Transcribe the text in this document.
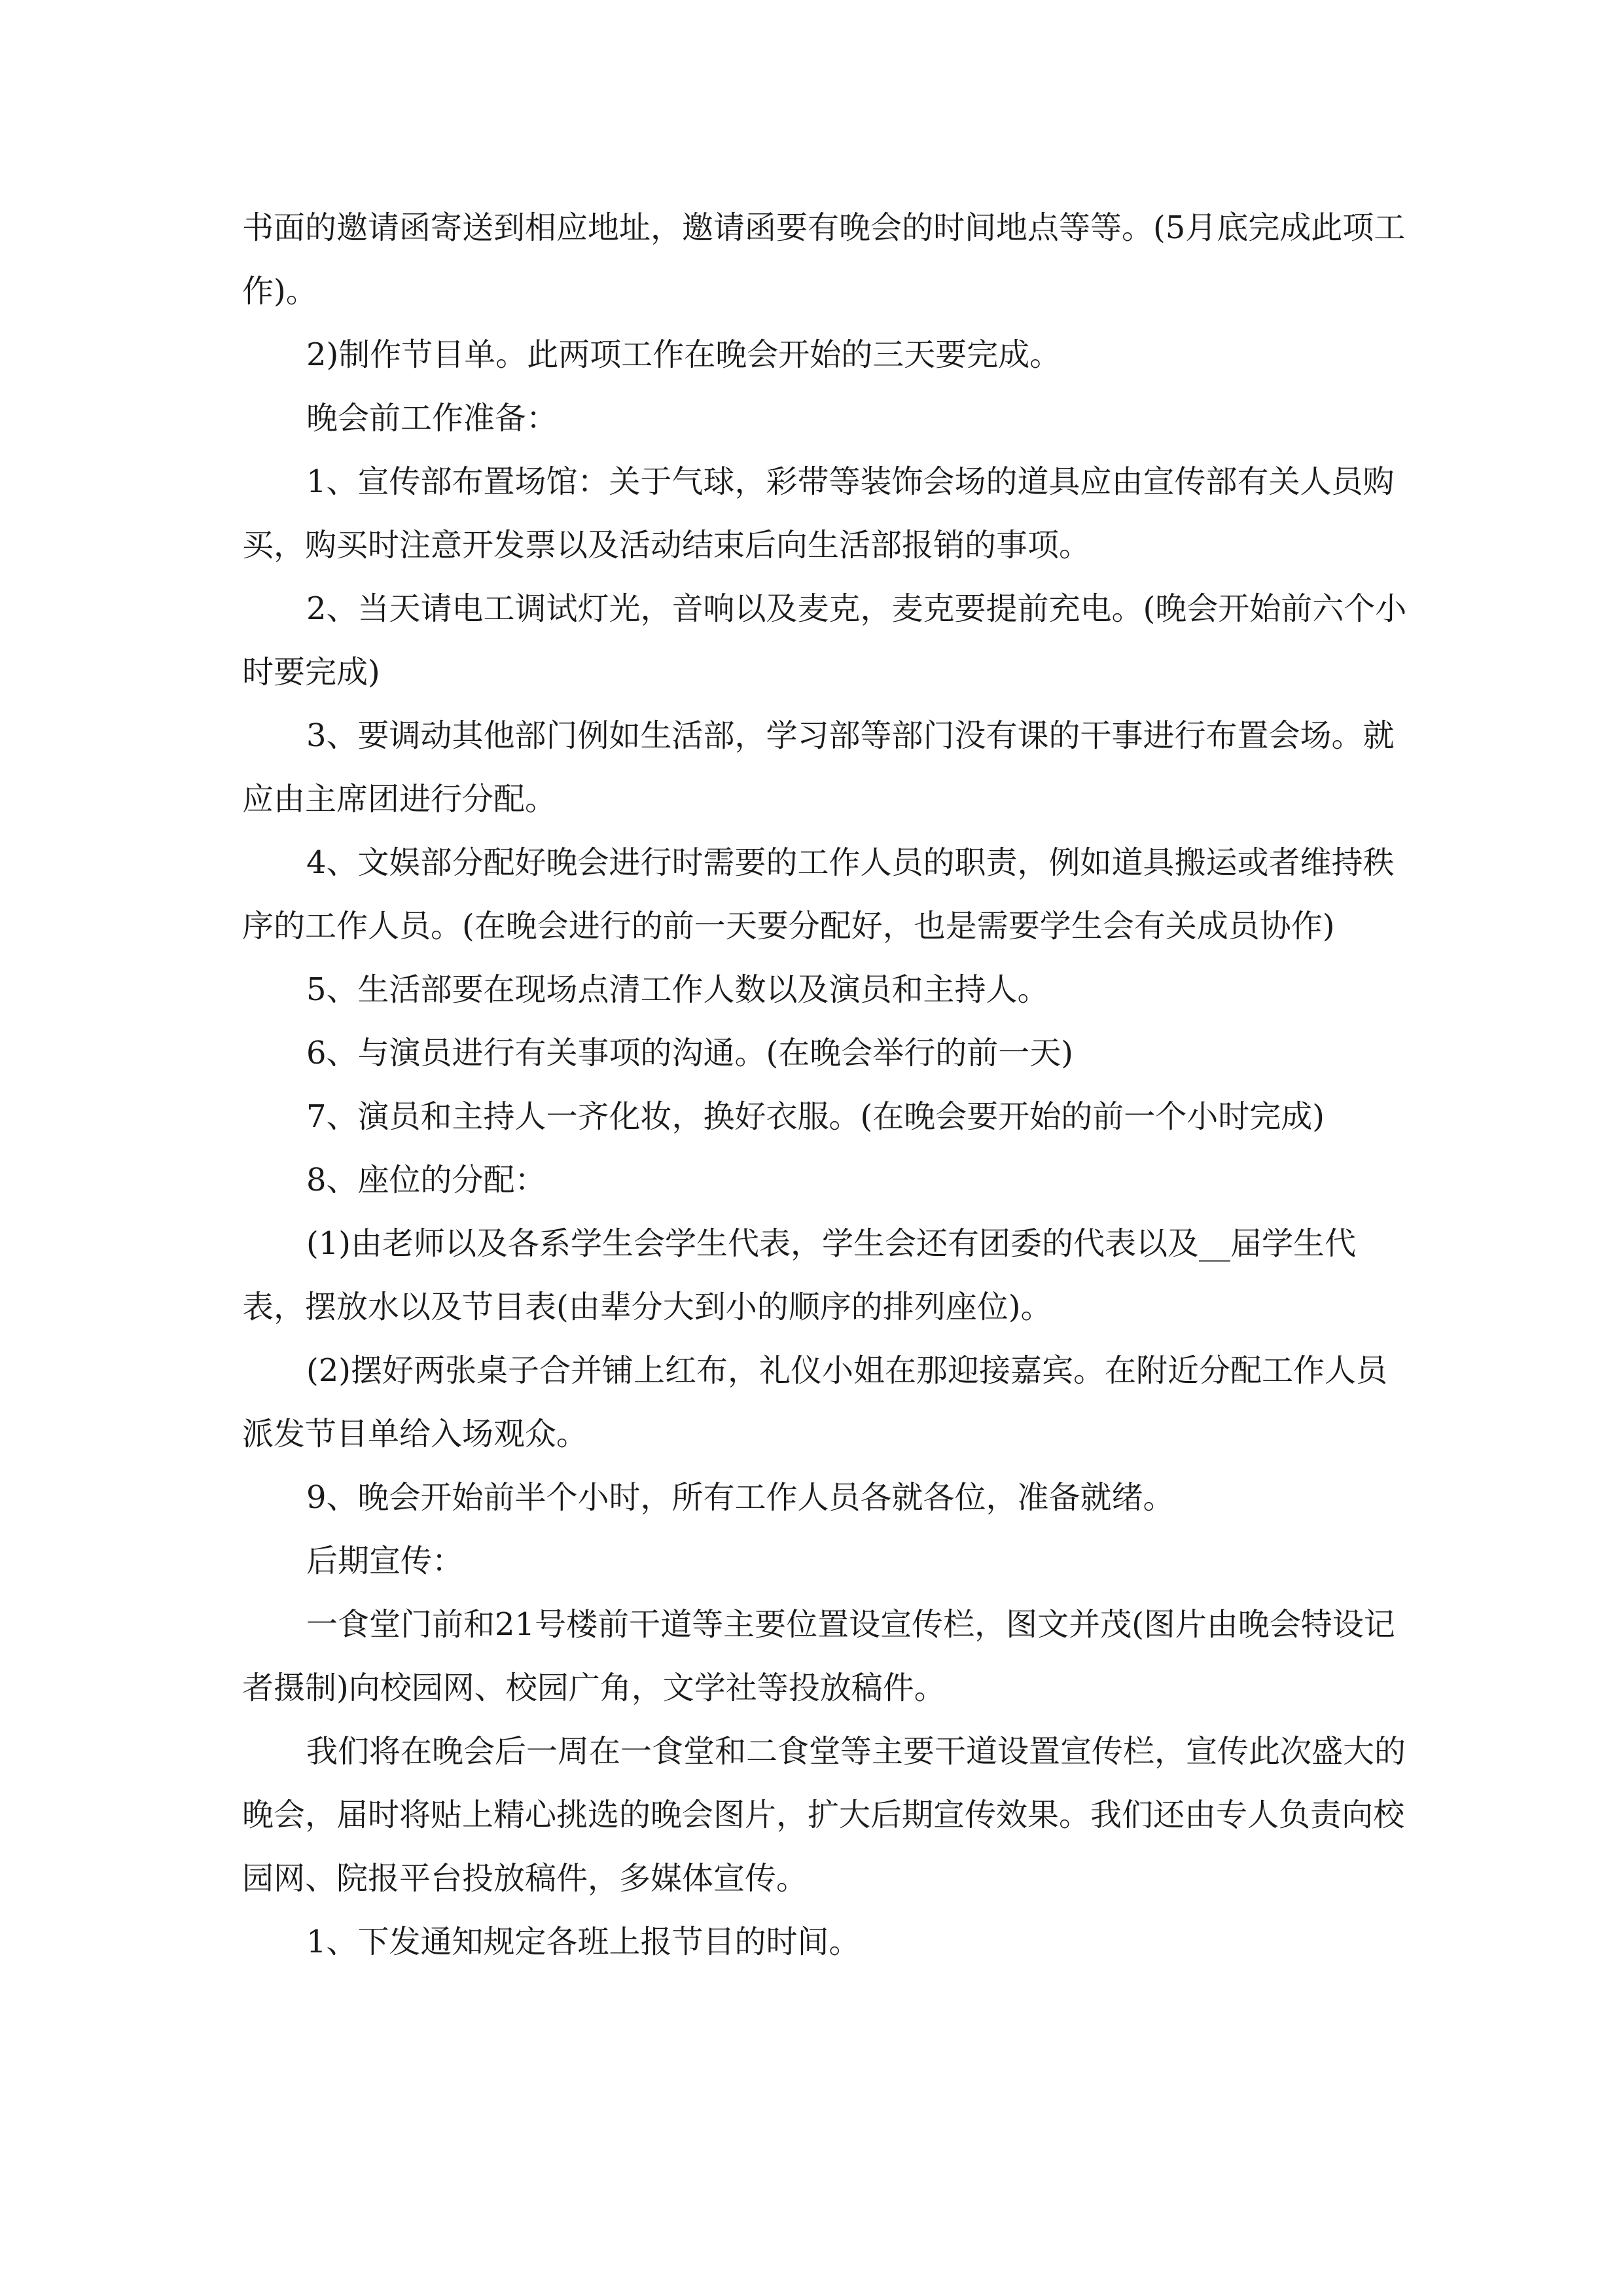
书面的邀请函寄送到相应地址，邀请函要有晚会的时间地点等等。(5月底完成此项工作)。

2)制作节目单。此两项工作在晚会开始的三天要完成。

晚会前工作准备：

1、宣传部布置场馆：关于气球，彩带等装饰会场的道具应由宣传部有关人员购买，购买时注意开发票以及活动结束后向生活部报销的事项。

2、当天请电工调试灯光，音响以及麦克，麦克要提前充电。(晚会开始前六个小时要完成)

3、要调动其他部门例如生活部，学习部等部门没有课的干事进行布置会场。就应由主席团进行分配。

4、文娱部分配好晚会进行时需要的工作人员的职责，例如道具搬运或者维持秩序的工作人员。(在晚会进行的前一天要分配好，也是需要学生会有关成员协作)

5、生活部要在现场点清工作人数以及演员和主持人。

6、与演员进行有关事项的沟通。(在晚会举行的前一天)

7、演员和主持人一齐化妆，换好衣服。(在晚会要开始的前一个小时完成)

8、座位的分配：

(1)由老师以及各系学生会学生代表，学生会还有团委的代表以及__届学生代表，摆放水以及节目表(由辈分大到小的顺序的排列座位)。

(2)摆好两张桌子合并铺上红布，礼仪小姐在那迎接嘉宾。在附近分配工作人员派发节目单给入场观众。

9、晚会开始前半个小时，所有工作人员各就各位，准备就绪。

后期宣传：

一食堂门前和21号楼前干道等主要位置设宣传栏，图文并茂(图片由晚会特设记者摄制)向校园网、校园广角，文学社等投放稿件。

我们将在晚会后一周在一食堂和二食堂等主要干道设置宣传栏，宣传此次盛大的晚会，届时将贴上精心挑选的晚会图片，扩大后期宣传效果。我们还由专人负责向校园网、院报平台投放稿件，多媒体宣传。

1、下发通知规定各班上报节目的时间。
